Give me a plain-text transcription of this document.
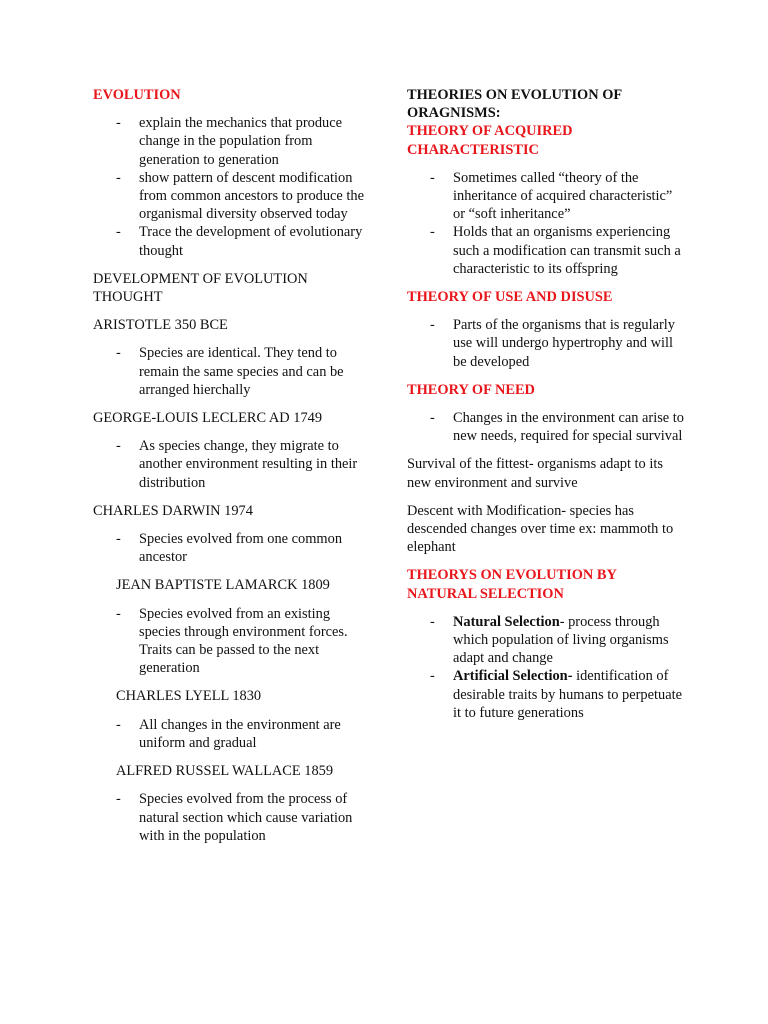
EVOLUTION

- explain the mechanics that produce change in the population from generation to generation
- show pattern of descent modification from common ancestors to produce the organismal diversity observed today
- Trace the development of evolutionary thought

DEVELOPMENT OF EVOLUTION THOUGHT

ARISTOTLE 350 BCE

- Species are identical. They tend to remain the same species and can be arranged hierchally

GEORGE-LOUIS LECLERC AD 1749

- As species change, they migrate to another environment resulting in their distribution

CHARLES DARWIN 1974

- Species evolved from one common ancestor

JEAN BAPTISTE LAMARCK 1809

- Species evolved from an existing species through environment forces. Traits can be passed to the next generation

CHARLES LYELL 1830

- All changes in the environment are uniform and gradual

ALFRED RUSSEL WALLACE 1859

- Species evolved from the process of natural section which cause variation with in the population

THEORIES ON EVOLUTION OF ORAGNISMS:

THEORY OF ACQUIRED CHARACTERISTIC

- Sometimes called “theory of the inheritance of acquired characteristic” or “soft inheritance”
- Holds that an organisms experiencing such a modification can transmit such a characteristic to its offspring

THEORY OF USE AND DISUSE

- Parts of the organisms that is regularly use will undergo hypertrophy and will be developed

THEORY OF NEED

- Changes in the environment can arise to new needs, required for special survival

Survival of the fittest- organisms adapt to its new environment and survive

Descent with Modification- species has descended changes over time ex: mammoth to elephant

THEORYS ON EVOLUTION BY NATURAL SELECTION

- Natural Selection- process through which population of living organisms adapt and change
- Artificial Selection- identification of desirable traits by humans to perpetuate it to future generations
